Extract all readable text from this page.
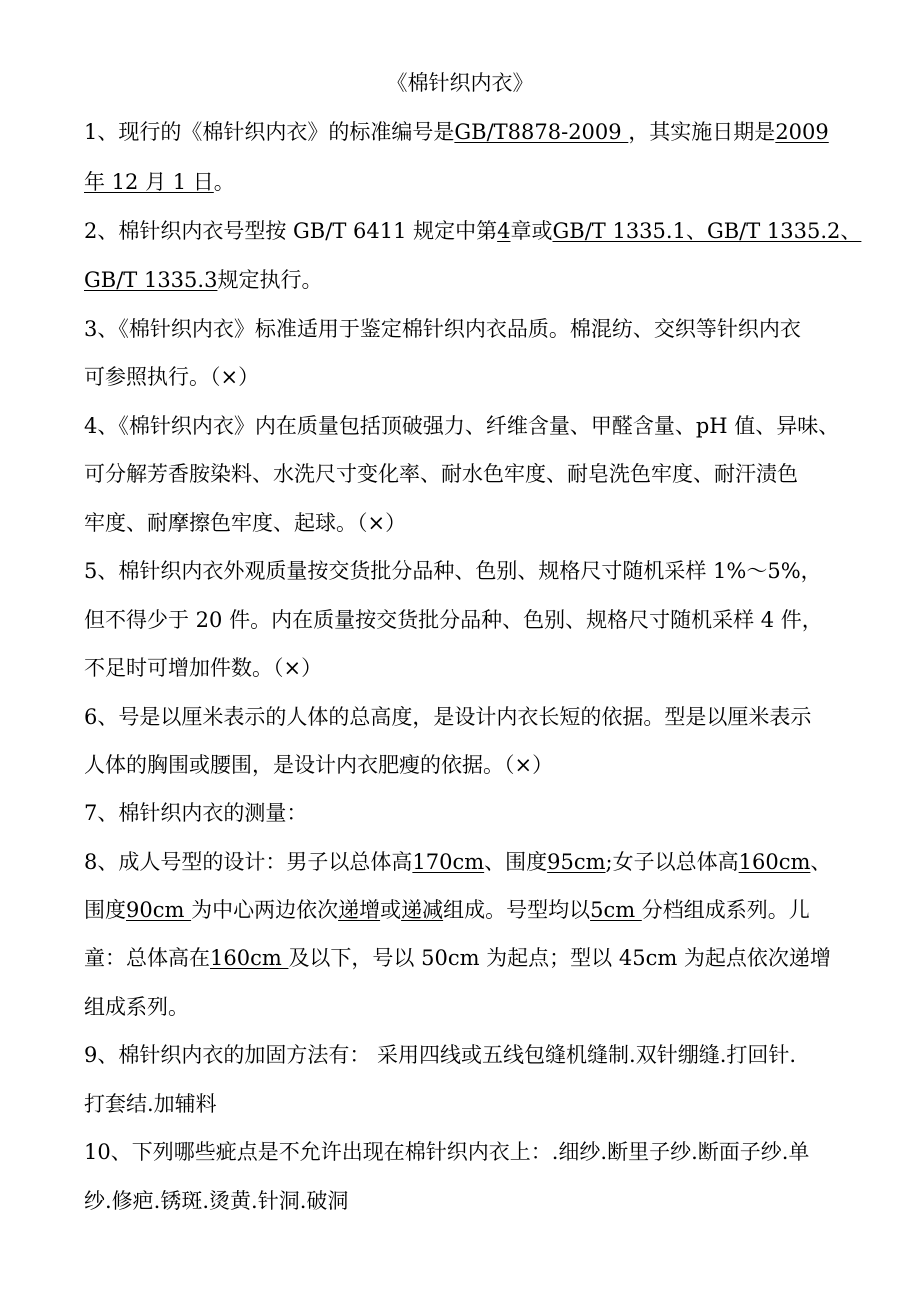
《棉针织内衣》
1、现行的《棉针织内衣》的标准编号是GB/T8878-2009 ，其实施日期是2009
年 12 月 1 日。
2、棉针织内衣号型按 GB/T 6411 规定中第4章或GB/T 1335.1、GB/T 1335.2、
GB/T 1335.3规定执行。
3、《棉针织内衣》标准适用于鉴定棉针织内衣品质。棉混纺、交织等针织内衣
可参照执行。（×）
4、《棉针织内衣》内在质量包括顶破强力、纤维含量、甲醛含量、pH 值、异味、
可分解芳香胺染料、水洗尺寸变化率、耐水色牢度、耐皂洗色牢度、耐汗渍色
牢度、耐摩擦色牢度、起球。（×）
5、棉针织内衣外观质量按交货批分品种、色别、规格尺寸随机采样 1%～5%，
但不得少于 20 件。内在质量按交货批分品种、色别、规格尺寸随机采样 4 件，
不足时可增加件数。（×）
6、号是以厘米表示的人体的总高度，是设计内衣长短的依据。型是以厘米表示
人体的胸围或腰围，是设计内衣肥瘦的依据。（×）
7、棉针织内衣的测量：
8、成人号型的设计：男子以总体高170cm、围度95cm;女子以总体高160cm、
围度90cm 为中心两边依次递增或递减组成。号型均以5cm 分档组成系列。儿
童：总体高在160cm 及以下，号以 50cm 为起点；型以 45cm 为起点依次递增
组成系列。
9、棉针织内衣的加固方法有： 采用四线或五线包缝机缝制.双针绷缝.打回针.
打套结.加辅料
10、下列哪些疵点是不允许出现在棉针织内衣上：.细纱.断里子纱.断面子纱.单
纱.修疤.锈斑.烫黄.针洞.破洞
